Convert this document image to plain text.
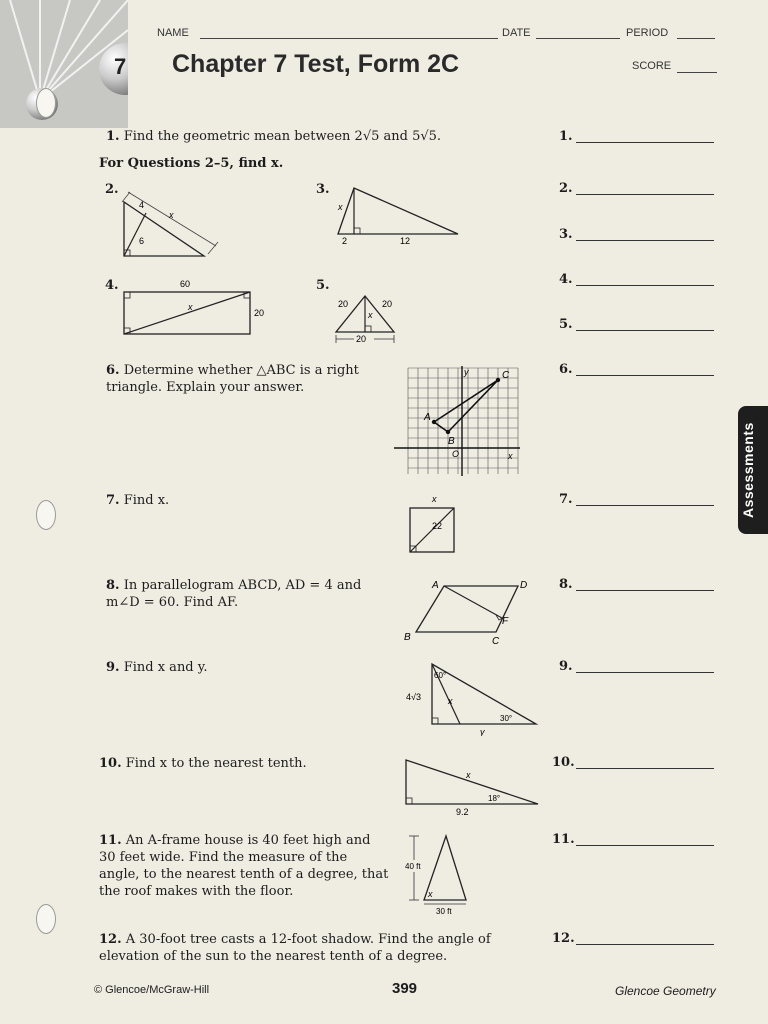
7
NAME	DATE	PERIOD
Chapter 7 Test, Form 2C	SCORE
1. Find the geometric mean between 2√5 and 5√5.
For Questions 2–5, find x.
2.
4
x
6
3.
x
2	12
4.	60
x
20
5.
20	20
x
20
6. Determine whether △ABC is a right triangle. Explain your answer.
y
x
O
A
B
C
7. Find x.	x
22
8. In parallelogram ABCD, AD = 4 and m∠D = 60. Find AF.
A	D
B	C
F
9. Find x and y.
60°
4√3	x
30°
y
10. Find x to the nearest tenth.
x
18°
9.2
11. An A-frame house is 40 feet high and 30 feet wide. Find the measure of the angle, to the nearest tenth of a degree, that the roof makes with the floor.
40 ft
x
30 ft
12. A 30-foot tree casts a 12-foot shadow. Find the angle of elevation of the sun to the nearest tenth of a degree.
1.
2.
3.
4.
5.
6.
7.
8.
9.
10.
11.
12.
Assessments
© Glencoe/McGraw-Hill	399	Glencoe Geometry
